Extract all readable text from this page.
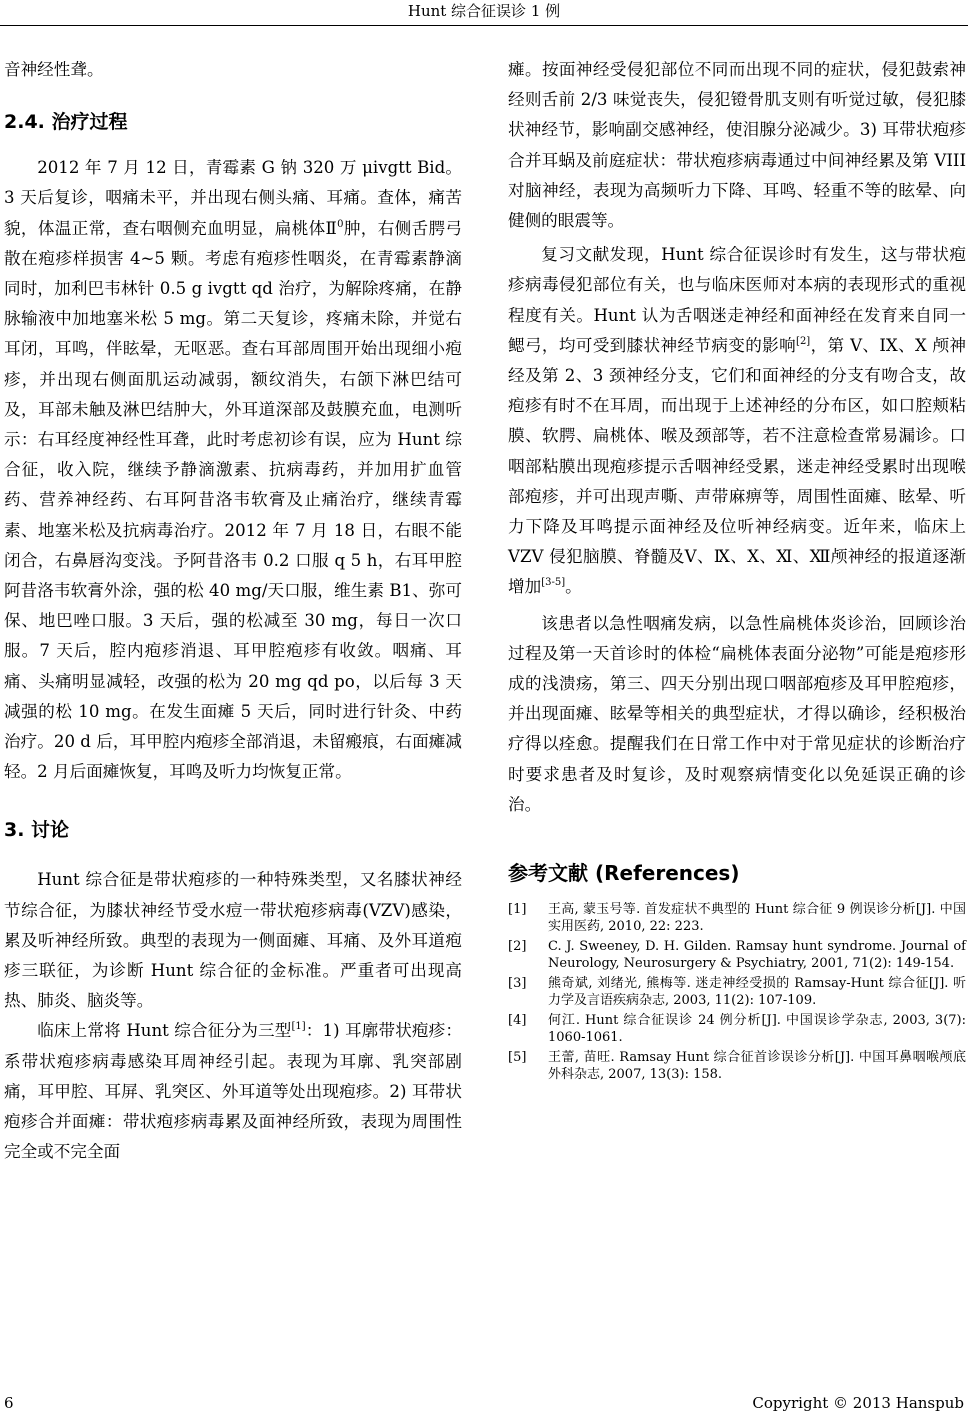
Hunt 综合征误诊 1 例

音神经性聋。

2.4. 治疗过程

2012 年 7 月 12 日，青霉素 G 钠 320 万 μivgtt Bid。3 天后复诊，咽痛未平，并出现右侧头痛、耳痛。查体，痛苦貌，体温正常，查右咽侧充血明显，扁桃体Ⅱ$^0$肿，右侧舌腭弓散在疱疹样损害 4~5 颗。考虑有疱疹性咽炎，在青霉素静滴同时，加利巴韦林针 0.5 g ivgtt qd 治疗，为解除疼痛，在静脉输液中加地塞米松 5 mg。第二天复诊，疼痛未除，并觉右耳闭，耳鸣，伴眩晕，无呕恶。查右耳部周围开始出现细小疱疹，并出现右侧面肌运动减弱，额纹消失，右颌下淋巴结可及，耳部未触及淋巴结肿大，外耳道深部及鼓膜充血，电测听示：右耳经度神经性耳聋，此时考虑初诊有误，应为 Hunt 综合征，收入院，继续予静滴激素、抗病毒药，并加用扩血管药、营养神经药、右耳阿昔洛韦软膏及止痛治疗，继续青霉素、地塞米松及抗病毒治疗。2012 年 7 月 18 日，右眼不能闭合，右鼻唇沟变浅。予阿昔洛韦 0.2 口服 q 5 h，右耳甲腔阿昔洛韦软膏外涂，强的松 40 mg/天口服，维生素 B1、弥可保、地巴唑口服。3 天后，强的松减至 30 mg，每日一次口服。7 天后，腔内疱疹消退、耳甲腔疱疹有收敛。咽痛、耳痛、头痛明显减轻，改强的松为 20 mg qd po，以后每 3 天减强的松 10 mg。在发生面瘫 5 天后，同时进行针灸、中药治疗。20 d 后，耳甲腔内疱疹全部消退，未留瘢痕，右面瘫减轻。2 月后面瘫恢复，耳鸣及听力均恢复正常。

3. 讨论

Hunt 综合征是带状疱疹的一种特殊类型，又名膝状神经节综合征，为膝状神经节受水痘一带状疱疹病毒(VZV)感染，累及听神经所致。典型的表现为一侧面瘫、耳痛、及外耳道疱疹三联征，为诊断 Hunt 综合征的金标准。严重者可出现高热、肺炎、脑炎等。

临床上常将 Hunt 综合征分为三型[1]：1) 耳廓带状疱疹：系带状疱疹病毒感染耳周神经引起。表现为耳廓、乳突部剧痛，耳甲腔、耳屏、乳突区、外耳道等处出现疱疹。2) 耳带状疱疹合并面瘫：带状疱疹病毒累及面神经所致，表现为周围性完全或不完全面

瘫。按面神经受侵犯部位不同而出现不同的症状，侵犯鼓索神经则舌前 2/3 味觉丧失，侵犯镫骨肌支则有听觉过敏，侵犯膝状神经节，影响副交感神经，使泪腺分泌减少。3) 耳带状疱疹合并耳蜗及前庭症状：带状疱疹病毒通过中间神经累及第 VIII 对脑神经，表现为高频听力下降、耳鸣、轻重不等的眩晕、向健侧的眼震等。

复习文献发现，Hunt 综合征误诊时有发生，这与带状疱疹病毒侵犯部位有关，也与临床医师对本病的表现形式的重视程度有关。Hunt 认为舌咽迷走神经和面神经在发育来自同一鳃弓，均可受到膝状神经节病变的影响[2]，第 V、IX、X 颅神经及第 2、3 颈神经分支，它们和面神经的分支有吻合支，故疱疹有时不在耳周，而出现于上述神经的分布区，如口腔颊粘膜、软腭、扁桃体、喉及颈部等，若不注意检查常易漏诊。口咽部粘膜出现疱疹提示舌咽神经受累，迷走神经受累时出现喉部疱疹，并可出现声嘶、声带麻痹等，周围性面瘫、眩晕、听力下降及耳鸣提示面神经及位听神经病变。近年来，临床上 VZV 侵犯脑膜、脊髓及Ⅴ、Ⅸ、Ⅹ、Ⅺ、Ⅻ颅神经的报道逐渐增加[3-5]。

该患者以急性咽痛发病，以急性扁桃体炎诊治，回顾诊治过程及第一天首诊时的体检“扁桃体表面分泌物”可能是疱疹形成的浅溃疡，第三、四天分别出现口咽部疱疹及耳甲腔疱疹，并出现面瘫、眩晕等相关的典型症状，才得以确诊，经积极治疗得以痊愈。提醒我们在日常工作中对于常见症状的诊断治疗时要求患者及时复诊，及时观察病情变化以免延误正确的诊治。

参考文献 (References)
[1]	王高, 蒙玉号等. 首发症状不典型的 Hunt 综合征 9 例误诊分析[J]. 中国实用医药, 2010, 22: 223.
[2]	C. J. Sweeney, D. H. Gilden. Ramsay hunt syndrome. Journal of Neurology, Neurosurgery & Psychiatry, 2001, 71(2): 149-154.
[3]	熊奇斌, 刘绪光, 熊梅等. 迷走神经受损的 Ramsay-Hunt 综合征[J]. 听力学及言语疾病杂志, 2003, 11(2): 107-109.
[4]	何江. Hunt 综合征误诊 24 例分析[J]. 中国误诊学杂志, 2003, 3(7): 1060-1061.
[5]	王蕾, 苗旺. Ramsay Hunt 综合征首诊误诊分析[J]. 中国耳鼻咽喉颅底外科杂志, 2007, 13(3): 158.
6	Copyright © 2013 Hanspub
